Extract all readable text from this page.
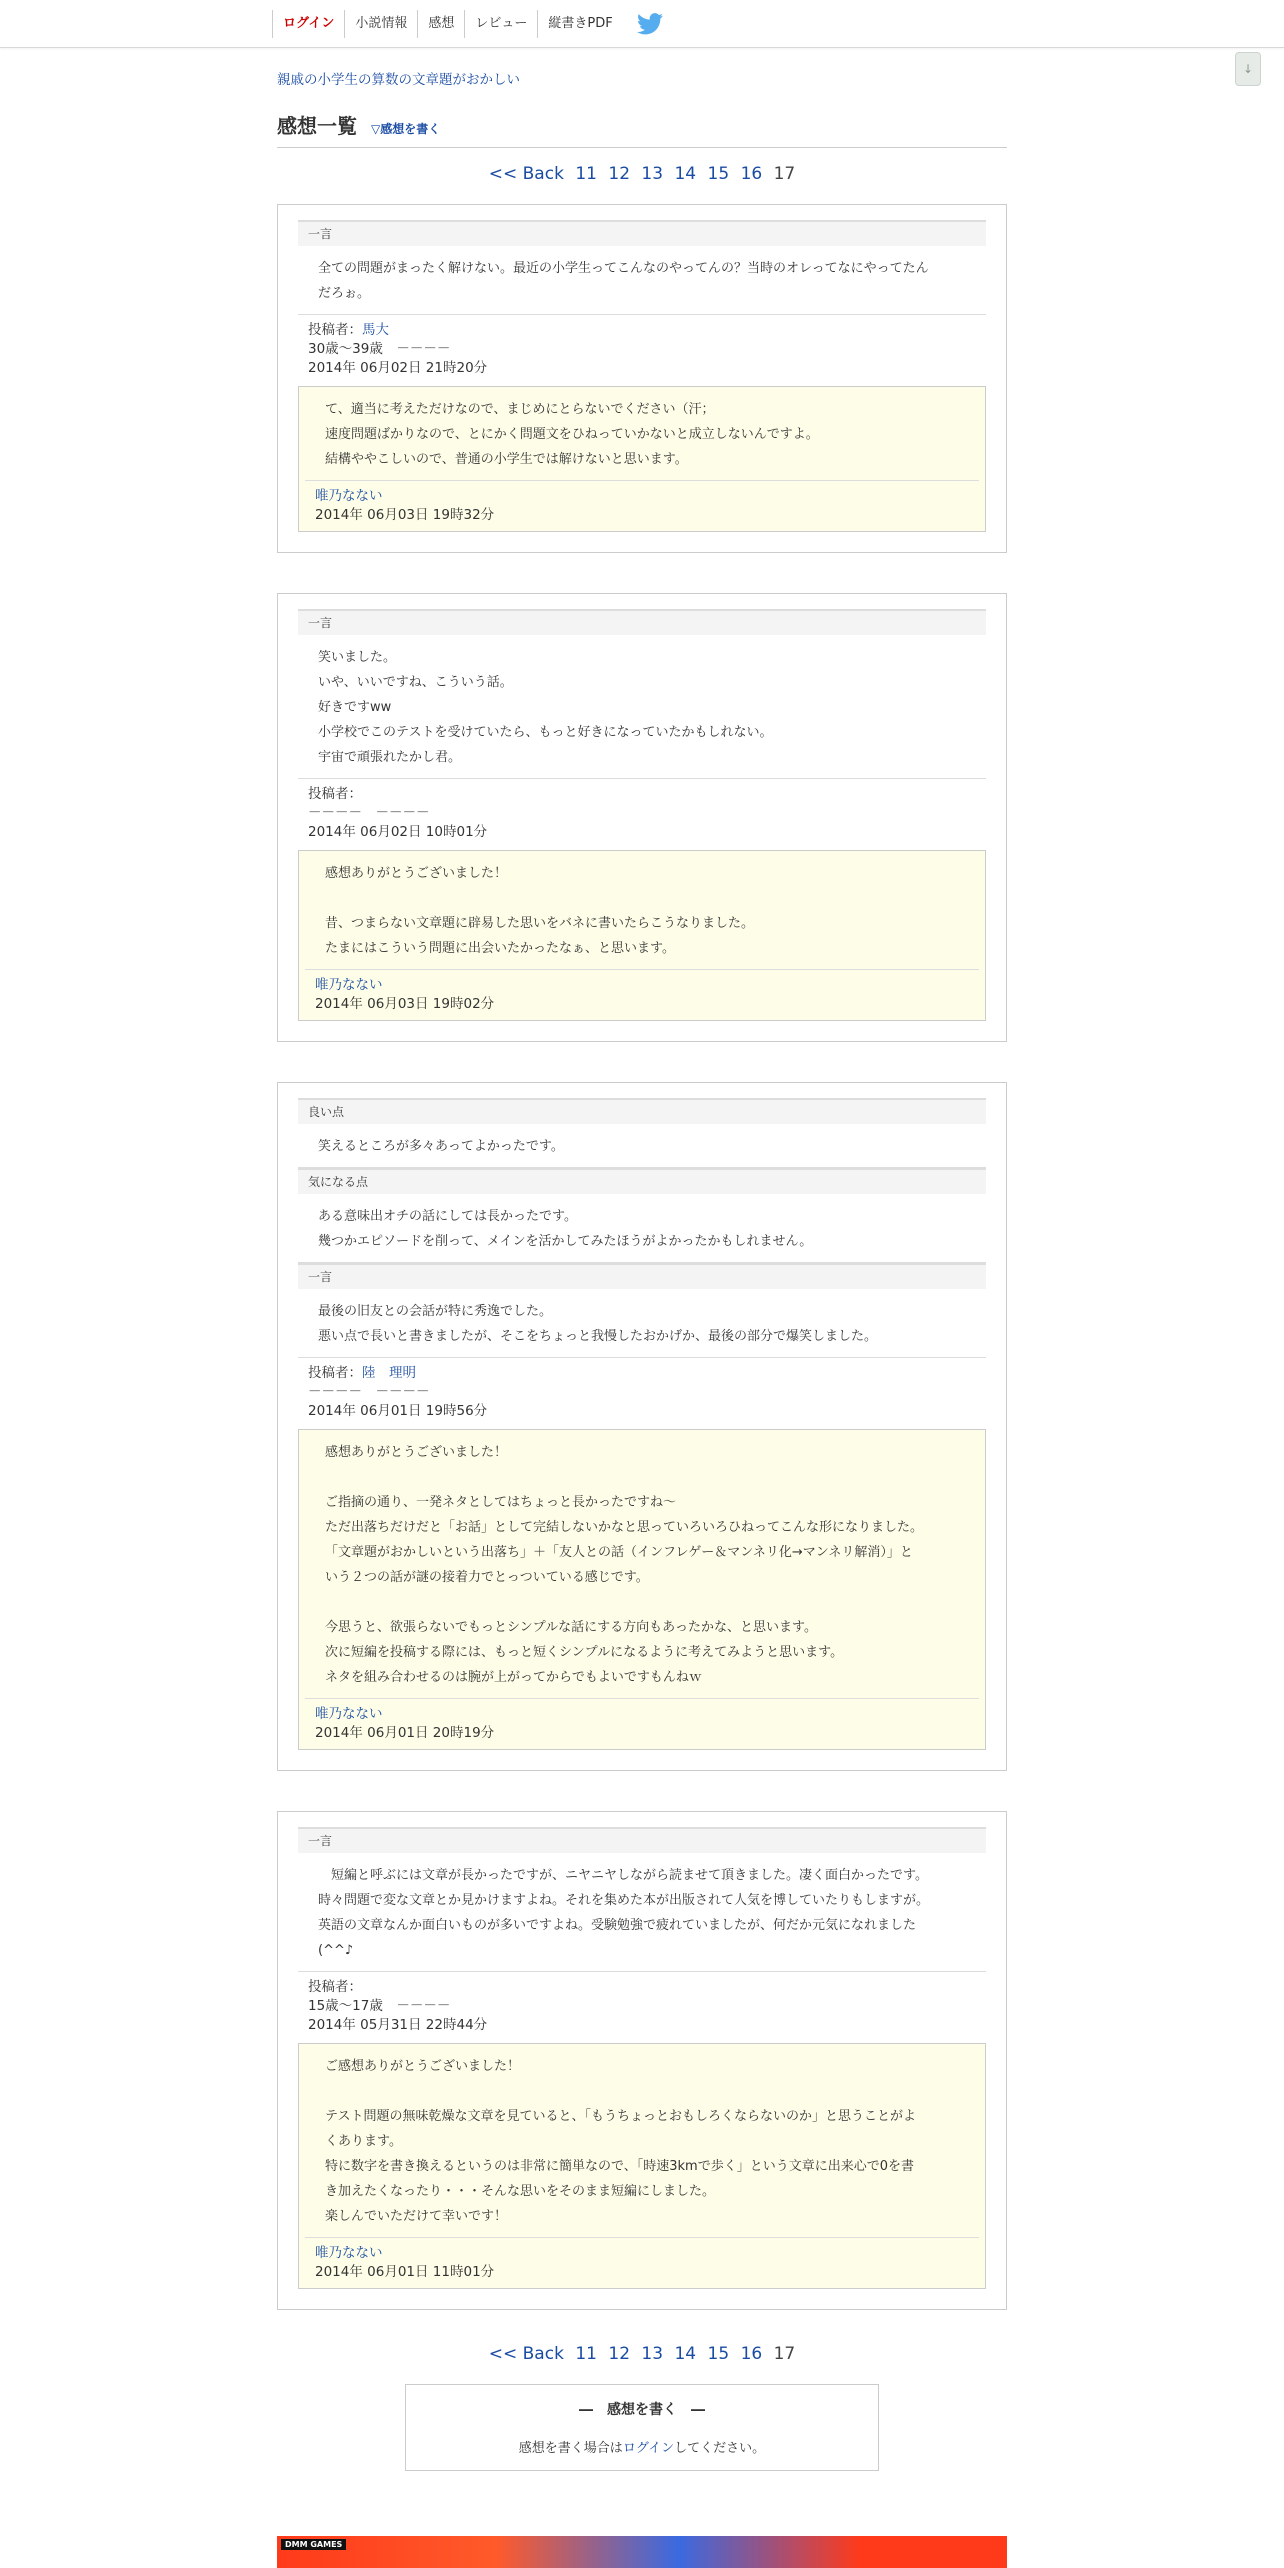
ログイン	小説情報	感想	レビュー	縦書きPDF
↓
親戚の小学生の算数の文章題がおかしい
感想一覧 ▽感想を書く
<< Back 11 12 13 14 15 16 17
一言
全ての問題がまったく解けない。最近の小学生ってこんなのやってんの？当時のオレってなにやってたん
だろぉ。
投稿者：馬大
30歳～39歳　－－－－
2014年 06月02日 21時20分
て、適当に考えただけなので、まじめにとらないでください（汗；
速度問題ばかりなので、とにかく問題文をひねっていかないと成立しないんですよ。
結構ややこしいので、普通の小学生では解けないと思います。
唯乃なない
2014年 06月03日 19時32分
一言
笑いました。
いや、いいですね、こういう話。
好きですww
小学校でこのテストを受けていたら、もっと好きになっていたかもしれない。
宇宙で頑張れたかし君。
投稿者：
－－－－　－－－－
2014年 06月02日 10時01分
感想ありがとうございました！
昔、つまらない文章題に辟易した思いをバネに書いたらこうなりました。
たまにはこういう問題に出会いたかったなぁ、と思います。
唯乃なない
2014年 06月03日 19時02分
良い点
笑えるところが多々あってよかったです。
気になる点
ある意味出オチの話にしては長かったです。
幾つかエピソードを削って、メインを活かしてみたほうがよかったかもしれません。
一言
最後の旧友との会話が特に秀逸でした。
悪い点で長いと書きましたが、そこをちょっと我慢したおかげか、最後の部分で爆笑しました。
投稿者：陸　理明
－－－－　－－－－
2014年 06月01日 19時56分
感想ありがとうございました！
ご指摘の通り、一発ネタとしてはちょっと長かったですね～
ただ出落ちだけだと「お話」として完結しないかなと思っていろいろひねってこんな形になりました。
「文章題がおかしいという出落ち」＋「友人との話（インフレゲー＆マンネリ化→マンネリ解消）」と
いう２つの話が謎の接着力でとっついている感じです。
今思うと、欲張らないでもっとシンプルな話にする方向もあったかな、と思います。
次に短編を投稿する際には、もっと短くシンプルになるように考えてみようと思います。
ネタを組み合わせるのは腕が上がってからでもよいですもんねｗ
唯乃なない
2014年 06月01日 20時19分
一言
　短編と呼ぶには文章が長かったですが、ニヤニヤしながら読ませて頂きました。凄く面白かったです。
時々問題で変な文章とか見かけますよね。それを集めた本が出版されて人気を博していたりもしますが。
英語の文章なんか面白いものが多いですよね。受験勉強で疲れていましたが、何だか元気になれました
(^^♪
投稿者：
15歳～17歳　－－－－
2014年 05月31日 22時44分
ご感想ありがとうございました！
テスト問題の無味乾燥な文章を見ていると、「もうちょっとおもしろくならないのか」と思うことがよ
くあります。
特に数字を書き換えるというのは非常に簡単なので、「時速3kmで歩く」という文章に出来心で0を書
き加えたくなったり・・・そんな思いをそのまま短編にしました。
楽しんでいただけて幸いです！
唯乃なない
2014年 06月01日 11時01分
<< Back 11 12 13 14 15 16 17
―　感想を書く　―

感想を書く場合はログインしてください。

DMM GAMES
